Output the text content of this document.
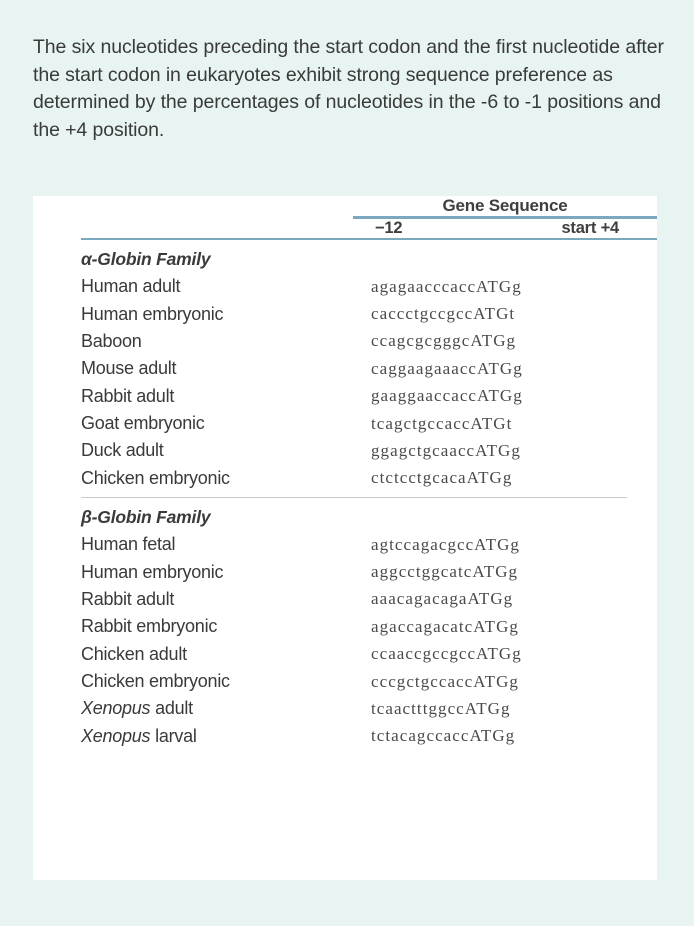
The six nucleotides preceding the start codon and the first nucleotide after the start codon in eukaryotes exhibit strong sequence preference as determined by the percentages of nucleotides in the -6 to -1 positions and the +4 position.
	Gene Sequence

	−12 start +4

α-Globin Family	
Human adult	agagaacccaccATGg
Human embryonic	caccctgccgccATGt
Baboon	ccagcgcgggcATGg
Mouse adult	caggaagaaaccATGg
Rabbit adult	gaaggaaccaccATGg
Goat embryonic	tcagctgccaccATGt
Duck adult	ggagctgcaaccATGg
Chicken embryonic	ctctcctgcacaATGg

β-Globin Family	
Human fetal	agtccagacgccATGg
Human embryonic	aggcctggcatcATGg
Rabbit adult	aaacagacagaATGg
Rabbit embryonic	agaccagacatcATGg
Chicken adult	ccaaccgccgccATGg
Chicken embryonic	cccgctgccaccATGg
Xenopus adult	tcaactttggccATGg
Xenopus larval	tctacagccaccATGg
